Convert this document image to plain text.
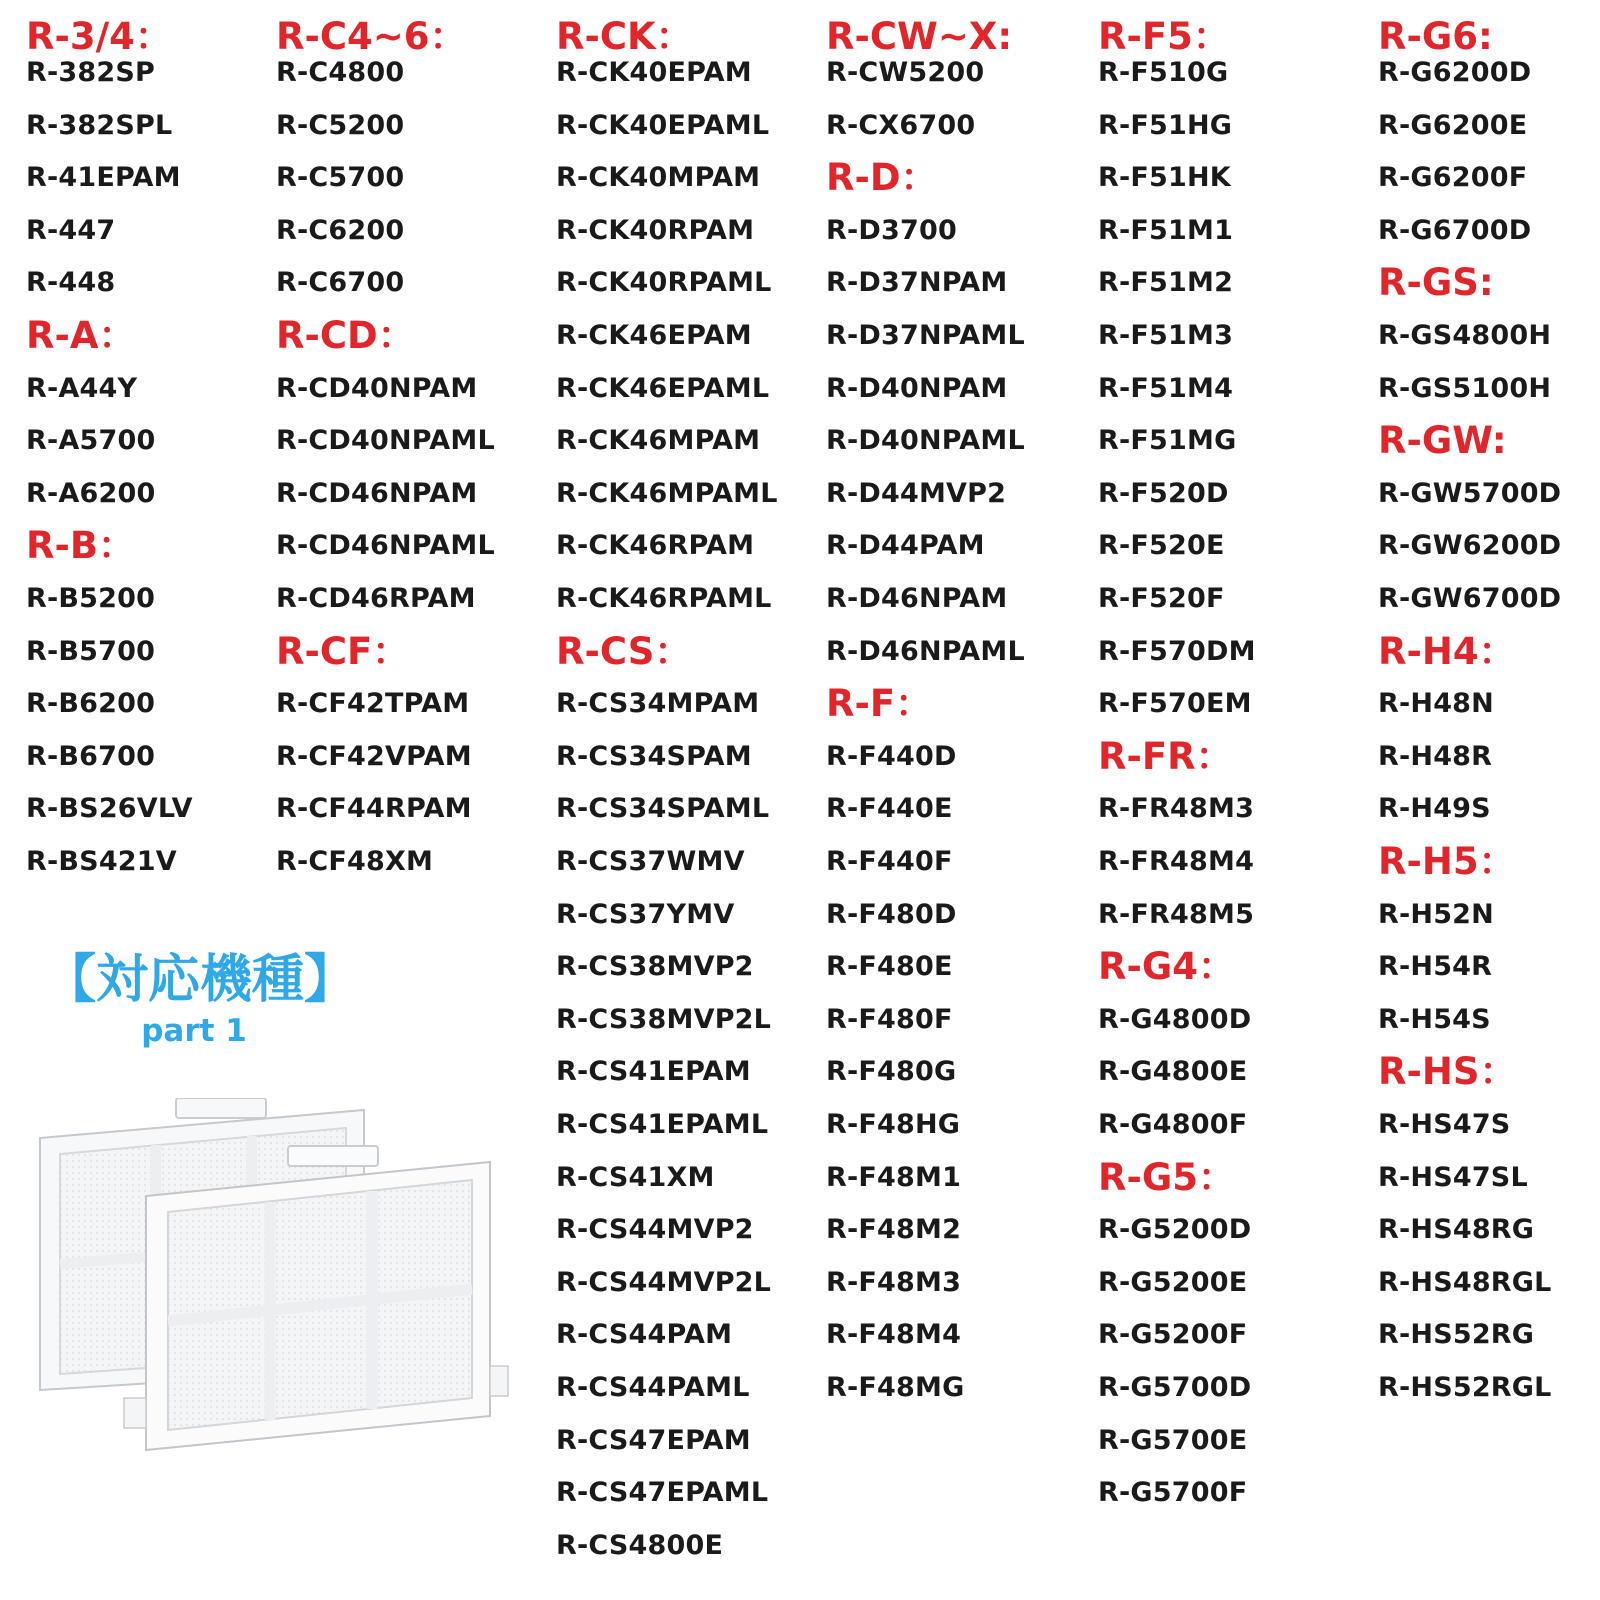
R-3/4：
R-382SP
R-382SPL
R-41EPAM
R-447
R-448
R-A：
R-A44Y
R-A5700
R-A6200
R-B：
R-B5200
R-B5700
R-B6200
R-B6700
R-BS26VLV
R-BS421V
R-C4~6：
R-C4800
R-C5200
R-C5700
R-C6200
R-C6700
R-CD：
R-CD40NPAM
R-CD40NPAML
R-CD46NPAM
R-CD46NPAML
R-CD46RPAM
R-CF：
R-CF42TPAM
R-CF42VPAM
R-CF44RPAM
R-CF48XM
R-CK：
R-CK40EPAM
R-CK40EPAML
R-CK40MPAM
R-CK40RPAM
R-CK40RPAML
R-CK46EPAM
R-CK46EPAML
R-CK46MPAM
R-CK46MPAML
R-CK46RPAM
R-CK46RPAML
R-CS：
R-CS34MPAM
R-CS34SPAM
R-CS34SPAML
R-CS37WMV
R-CS37YMV
R-CS38MVP2
R-CS38MVP2L
R-CS41EPAM
R-CS41EPAML
R-CS41XM
R-CS44MVP2
R-CS44MVP2L
R-CS44PAM
R-CS44PAML
R-CS47EPAM
R-CS47EPAML
R-CS4800E
R-CW~X:
R-CW5200
R-CX6700
R-D：
R-D3700
R-D37NPAM
R-D37NPAML
R-D40NPAM
R-D40NPAML
R-D44MVP2
R-D44PAM
R-D46NPAM
R-D46NPAML
R-F：
R-F440D
R-F440E
R-F440F
R-F480D
R-F480E
R-F480F
R-F480G
R-F48HG
R-F48M1
R-F48M2
R-F48M3
R-F48M4
R-F48MG
R-F5：
R-F510G
R-F51HG
R-F51HK
R-F51M1
R-F51M2
R-F51M3
R-F51M4
R-F51MG
R-F520D
R-F520E
R-F520F
R-F570DM
R-F570EM
R-FR：
R-FR48M3
R-FR48M4
R-FR48M5
R-G4：
R-G4800D
R-G4800E
R-G4800F
R-G5：
R-G5200D
R-G5200E
R-G5200F
R-G5700D
R-G5700E
R-G5700F
R-G6:
R-G6200D
R-G6200E
R-G6200F
R-G6700D
R-GS:
R-GS4800H
R-GS5100H
R-GW:
R-GW5700D
R-GW6200D
R-GW6700D
R-H4：
R-H48N
R-H48R
R-H49S
R-H5：
R-H52N
R-H54R
R-H54S
R-HS：
R-HS47S
R-HS47SL
R-HS48RG
R-HS48RGL
R-HS52RG
R-HS52RGL
【対応機種】
part 1
